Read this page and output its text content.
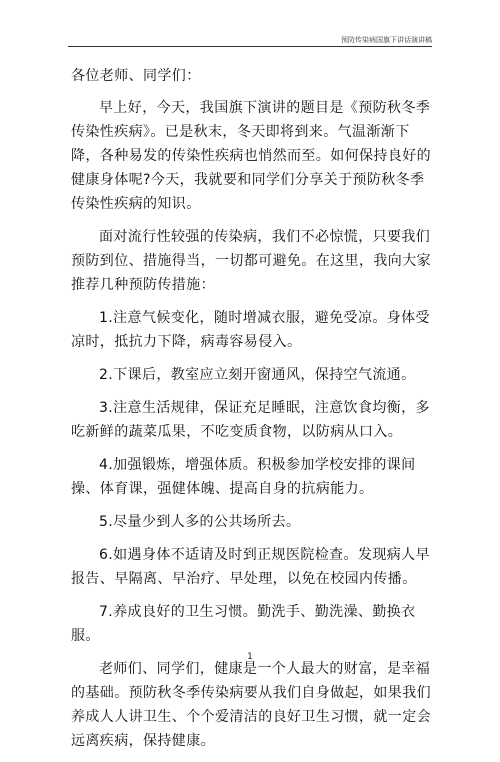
预防传染病国旗下讲话演讲稿

各位老师、同学们：

早上好，今天，我国旗下演讲的题目是《预防秋冬季传染性疾病》。已是秋末，冬天即将到来。气温渐渐下降，各种易发的传染性疾病也悄然而至。如何保持良好的健康身体呢?今天，我就要和同学们分享关于预防秋冬季传染性疾病的知识。

面对流行性较强的传染病，我们不必惊慌，只要我们预防到位、措施得当，一切都可避免。在这里，我向大家推荐几种预防传措施：

1.注意气候变化，随时增减衣服，避免受凉。身体受凉时，抵抗力下降，病毒容易侵入。

2.下课后，教室应立刻开窗通风，保持空气流通。

3.注意生活规律，保证充足睡眠，注意饮食均衡，多吃新鲜的蔬菜瓜果，不吃变质食物，以防病从口入。

4.加强锻炼，增强体质。积极参加学校安排的课间操、体育课，强健体魄、提高自身的抗病能力。

5.尽量少到人多的公共场所去。

6.如遇身体不适请及时到正规医院检查。发现病人早报告、早隔离、早治疗、早处理，以免在校园内传播。

7.养成良好的卫生习惯。勤洗手、勤洗澡、勤换衣服。

老师们、同学们，健康是一个人最大的财富，是幸福的基础。预防秋冬季传染病要从我们自身做起，如果我们养成人人讲卫生、个个爱清洁的良好卫生习惯，就一定会远离疾病，保持健康。

1
